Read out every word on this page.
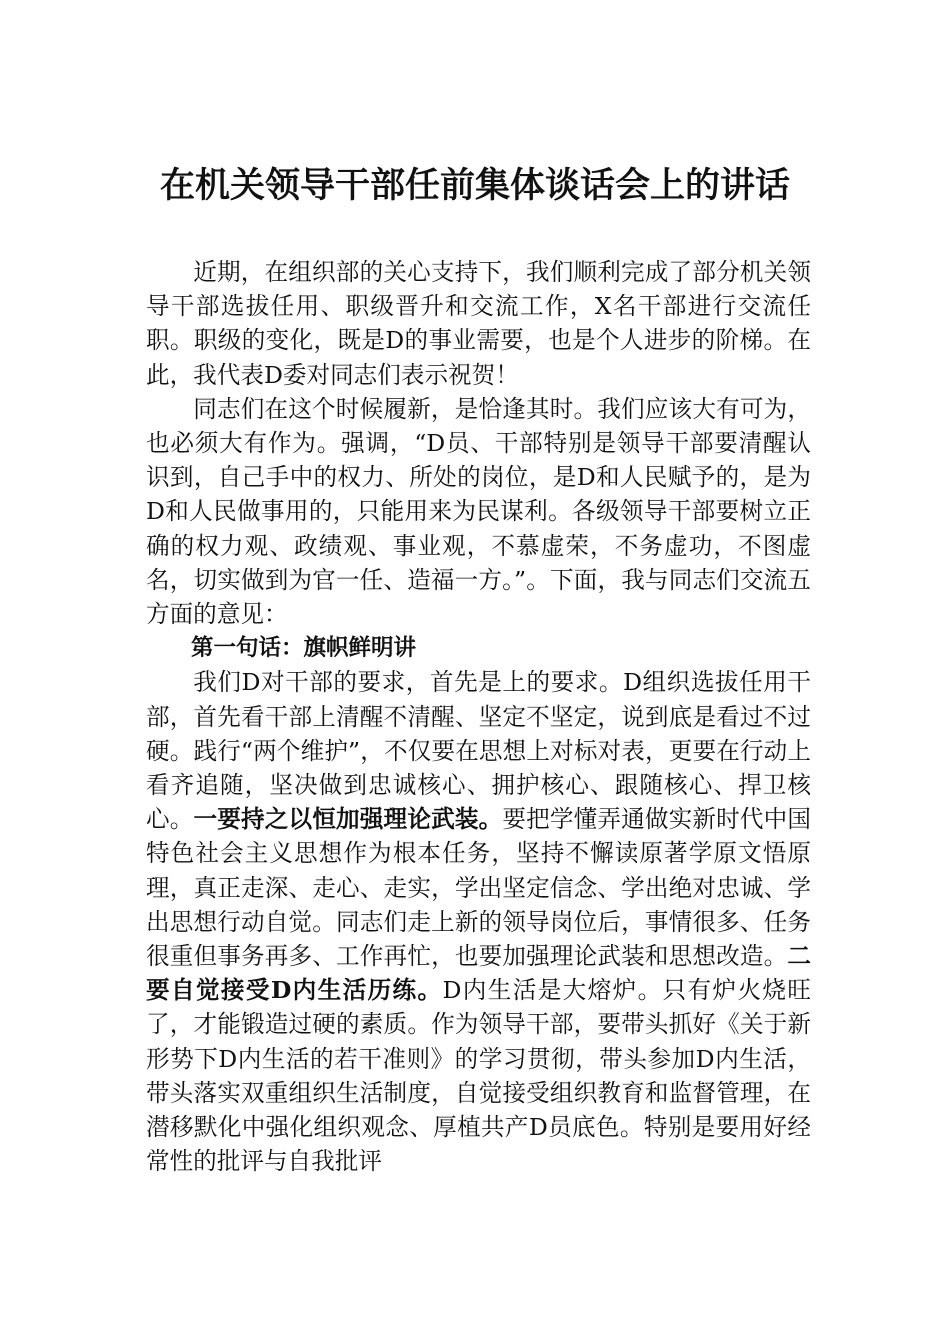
在机关领导干部任前集体谈话会上的讲话

近期，在组织部的关心支持下，我们顺利完成了部分机关领导干部选拔任用、职级晋升和交流工作，X名干部进行交流任职。职级的变化，既是D的事业需要，也是个人进步的阶梯。在此，我代表D委对同志们表示祝贺！

同志们在这个时候履新，是恰逢其时。我们应该大有可为，也必须大有作为。强调，“D员、干部特别是领导干部要清醒认识到，自己手中的权力、所处的岗位，是D和人民赋予的，是为D和人民做事用的，只能用来为民谋利。各级领导干部要树立正确的权力观、政绩观、事业观，不慕虚荣，不务虚功，不图虚名，切实做到为官一任、造福一方。”。下面，我与同志们交流五方面的意见：

第一句话：旗帜鲜明讲

我们D对干部的要求，首先是上的要求。D组织选拔任用干部，首先看干部上清醒不清醒、坚定不坚定，说到底是看过不过硬。践行“两个维护”，不仅要在思想上对标对表，更要在行动上看齐追随，坚决做到忠诚核心、拥护核心、跟随核心、捍卫核心。一要持之以恒加强理论武装。要把学懂弄通做实新时代中国特色社会主义思想作为根本任务，坚持不懈读原著学原文悟原理，真正走深、走心、走实，学出坚定信念、学出绝对忠诚、学出思想行动自觉。同志们走上新的领导岗位后，事情很多、任务很重但事务再多、工作再忙，也要加强理论武装和思想改造。二要自觉接受D内生活历练。D内生活是大熔炉。只有炉火烧旺了，才能锻造过硬的素质。作为领导干部，要带头抓好《关于新形势下D内生活的若干准则》的学习贯彻，带头参加D内生活，带头落实双重组织生活制度，自觉接受组织教育和监督管理，在潜移默化中强化组织观念、厚植共产D员底色。特别是要用好经常性的批评与自我批评
